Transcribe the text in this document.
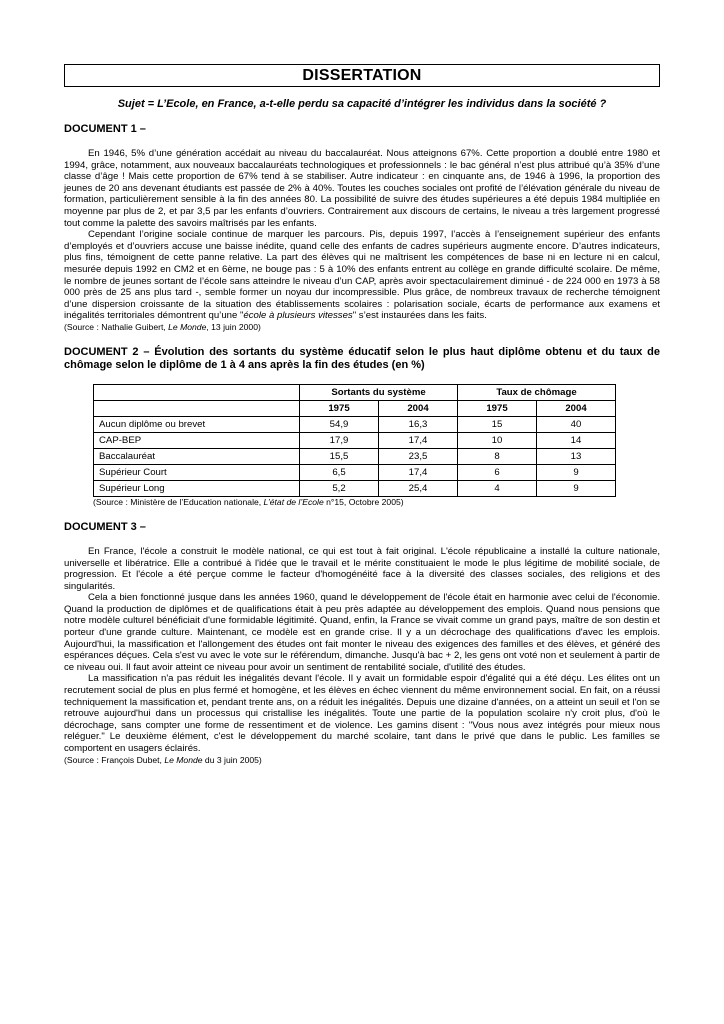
DISSERTATION
Sujet = L’Ecole, en France, a-t-elle perdu sa capacité d’intégrer les individus dans la société ?
DOCUMENT 1 –

En 1946, 5% d’une génération accédait au niveau du baccalauréat. Nous atteignons 67%. Cette proportion a doublé entre 1980 et 1994, grâce, notamment, aux nouveaux baccalauréats technologiques et professionnels : le bac général n’est plus attribué qu’à 35% d’une classe d’âge ! Mais cette proportion de 67% tend à se stabiliser. Autre indicateur : en cinquante ans, de 1946 à 1996, la proportion des jeunes de 20 ans devenant étudiants est passée de 2% à 40%. Toutes les couches sociales ont profité de l’élévation générale du niveau de formation, particulièrement sensible à la fin des années 80. La possibilité de suivre des études supérieures a été depuis 1984 multipliée en moyenne par plus de 2, et par 3,5 par les enfants d’ouvriers. Contrairement aux discours de certains, le niveau a très largement progressé tout comme la palette des savoirs maîtrisés par les enfants.

Cependant l’origine sociale continue de marquer les parcours. Pis, depuis 1997, l’accès à l’enseignement supérieur des enfants d’employés et d’ouvriers accuse une baisse inédite, quand celle des enfants de cadres supérieurs augmente encore. D’autres indicateurs, plus fins, témoignent de cette panne relative. La part des élèves qui ne maîtrisent les compétences de base ni en lecture ni en calcul, mesurée depuis 1992 en CM2 et en 6ème, ne bouge pas : 5 à 10% des enfants entrent au collège en grande difficulté scolaire. De même, le nombre de jeunes sortant de l’école sans atteindre le niveau d’un CAP, après avoir spectaculairement diminué - de 224 000 en 1973 à 58 000 près de 25 ans plus tard -, semble former un noyau dur incompressible. Plus grâce, de nombreux travaux de recherche témoignent d’une dispersion croissante de la situation des établissements scolaires : polarisation sociale, écarts de performance aux examens et inégalités territoriales démontrent qu’une "école à plusieurs vitesses" s’est instaurées dans les faits.

(Source : Nathalie Guibert, Le Monde, 13 juin 2000)
DOCUMENT 2 – Évolution des sortants du système éducatif selon le plus haut diplôme obtenu et du taux de chômage selon le diplôme de 1 à 4 ans après la fin des études (en %)
	Sortants du système		Taux de chômage	
	1975	2004	1975	2004
Aucun diplôme ou brevet	54,9	16,3	15	40
CAP-BEP	17,9	17,4	10	14
Baccalauréat	15,5	23,5	8	13
Supérieur Court	6,5	17,4	6	9
Supérieur Long	5,2	25,4	4	9
(Source : Ministère de l’Education nationale, L’état de l’Ecole n°15, Octobre 2005)
DOCUMENT 3 –

En France, l'école a construit le modèle national, ce qui est tout à fait original. L'école républicaine a installé la culture nationale, universelle et libératrice. Elle a contribué à l'idée que le travail et le mérite constituaient le mode le plus légitime de mobilité sociale, de progression. Et l'école a été perçue comme le facteur d'homogénéité face à la diversité des classes sociales, des religions et des singularités.

Cela a bien fonctionné jusque dans les années 1960, quand le développement de l'école était en harmonie avec celui de l'économie. Quand la production de diplômes et de qualifications était à peu près adaptée au développement des emplois. Quand nous pensions que notre modèle culturel bénéficiait d'une formidable légitimité. Quand, enfin, la France se vivait comme un grand pays, maître de son destin et porteur d'une grande culture. Maintenant, ce modèle est en grande crise. Il y a un décrochage des qualifications d'avec les emplois. Aujourd'hui, la massification et l'allongement des études ont fait monter le niveau des exigences des familles et des élèves, et généré des espérances déçues. Cela s'est vu avec le vote sur le référendum, dimanche. Jusqu'à bac + 2, les gens ont voté non et seulement à partir de ce niveau oui. Il faut avoir atteint ce niveau pour avoir un sentiment de rentabilité sociale, d'utilité des études.

La massification n'a pas réduit les inégalités devant l'école. Il y avait un formidable espoir d'égalité qui a été déçu. Les élites ont un recrutement social de plus en plus fermé et homogène, et les élèves en échec viennent du même environnement social. En fait, on a réussi techniquement la massification et, pendant trente ans, on a réduit les inégalités. Depuis une dizaine d'années, on a atteint un seuil et l'on se retrouve aujourd'hui dans un processus qui cristallise les inégalités. Toute une partie de la population scolaire n'y croit plus, d'où le décrochage, sans compter une forme de ressentiment et de violence. Les gamins disent : "Vous nous avez intégrés pour mieux nous reléguer." Le deuxième élément, c'est le développement du marché scolaire, tant dans le privé que dans le public. Les familles se comportent en usagers éclairés.

(Source : François Dubet, Le Monde du 3 juin 2005)
